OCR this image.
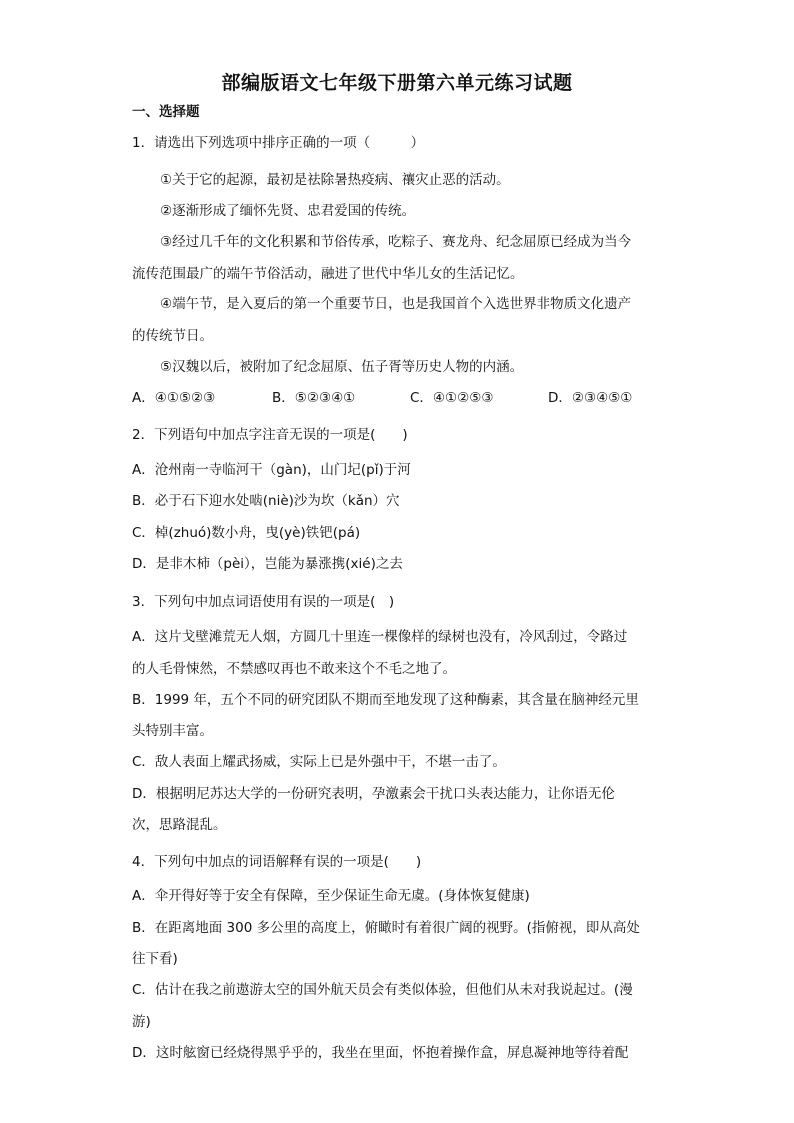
部编版语文七年级下册第六单元练习试题
一、选择题
1．请选出下列选项中排序正确的一项（　　　）
①关于它的起源，最初是祛除暑热疫病、禳灾止恶的活动。
②逐渐形成了缅怀先贤、忠君爱国的传统。
③经过几千年的文化积累和节俗传承，吃粽子、赛龙舟、纪念屈原已经成为当今
流传范围最广的端午节俗活动，融进了世代中华儿女的生活记忆。
④端午节，是入夏后的第一个重要节日，也是我国首个入选世界非物质文化遗产
的传统节日。
⑤汉魏以后，被附加了纪念屈原、伍子胥等历史人物的内涵。
A．④①⑤②③	B．⑤②③④①	C．④①②⑤③	D．②③④⑤①
2．下列语句中加点字注音无误的一项是(　　)
A．沧州南一寺临河干（gàn)，山门圮(pǐ)于河
B．必于石下迎水处啮(niè)沙为坎（kǎn）穴
C．棹(zhuó)数小舟，曳(yè)铁钯(pá)
D．是非木柿（pèi），岂能为暴涨携(xié)之去
3．下列句中加点词语使用有误的一项是(　)
A．这片戈壁滩荒无人烟，方圆几十里连一棵像样的绿树也没有，冷风刮过，令路过
的人毛骨悚然，不禁感叹再也不敢来这个不毛之地了。
B．1999 年，五个不同的研究团队不期而至地发现了这种酶素，其含量在脑神经元里
头特别丰富。
C．敌人表面上耀武扬威，实际上已是外强中干，不堪一击了。
D．根据明尼苏达大学的一份研究表明，孕激素会干扰口头表达能力，让你语无伦
次，思路混乱。
4．下列句中加点的词语解释有误的一项是(　　)
A．伞开得好等于安全有保障，至少保证生命无虞。(身体恢复健康)
B．在距离地面 300 多公里的高度上，俯瞰时有着很广阔的视野。(指俯视，即从高处
往下看)
C．估计在我之前遨游太空的国外航天员会有类似体验，但他们从未对我说起过。(漫
游)
D．这时舷窗已经烧得黑乎乎的，我坐在里面，怀抱着操作盒，屏息凝神地等待着配
